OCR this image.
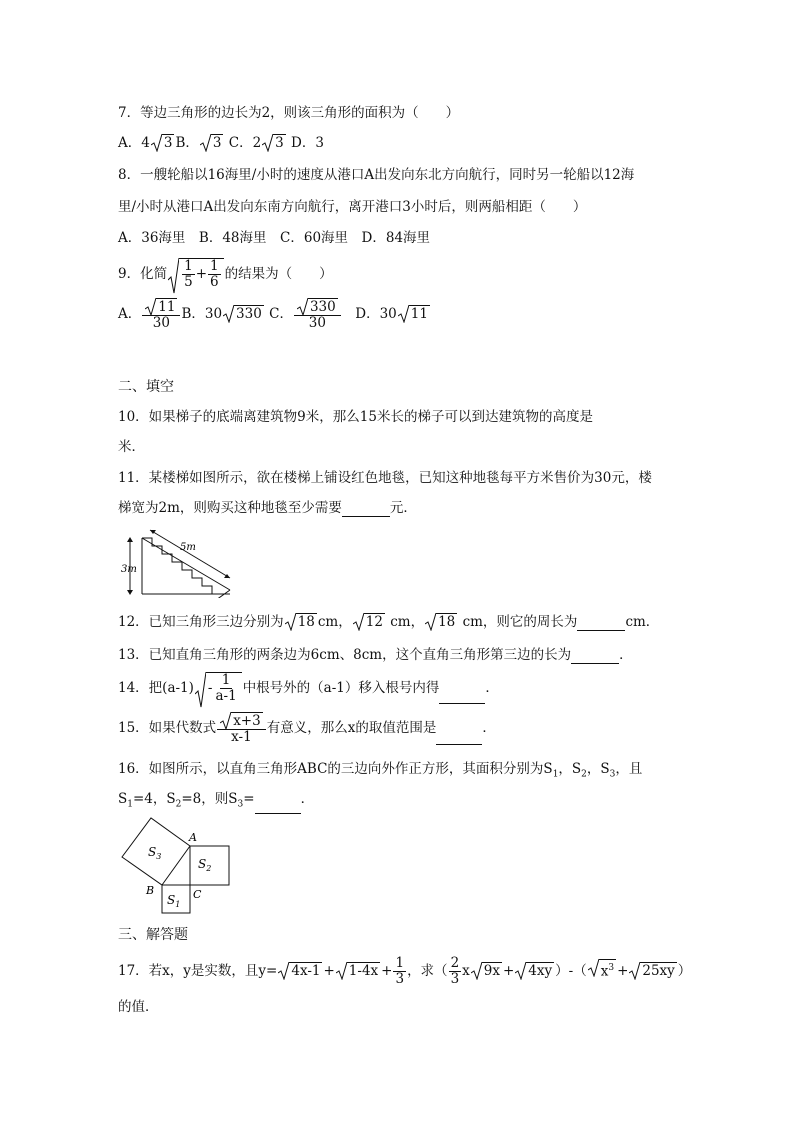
7．等边三角形的边长为2，则该三角形的面积为（　　）
A．4 3 B． 3 C．2 3 D．3
8．一艘轮船以16海里/小时的速度从港口A出发向东北方向航行，同时另一轮船以12海
里/小时从港口A出发向东南方向航行，离开港口3小时后，则两船相距（　　）
A．36海里　B．48海里　C．60海里　D．84海里
9．化简 $\frac{1}{5} + \frac{1}{6}$ 的结果为（　　）
A． $\frac{11}{30}$ B．30 330 C． $\frac{330}{30}$ 　D．30 11
二、填空
10．如果梯子的底端离建筑物9米，那么15米长的梯子可以到达建筑物的高度是
米．
11．某楼梯如图所示，欲在楼梯上铺设红色地毯，已知这种地毯每平方米售价为30元，楼
梯宽为2m，则购买这种地毯至少需要	元．
3m
5m
12．已知三角形三边分别为 18 cm， 12 cm， 18 cm，则它的周长为	cm．
13．已知直角三角形的两条边为6cm、8cm，这个直角三角形第三边的长为	．
14．把$(a-1) - \frac{1}{a-1}$ 中根号外的（a-1）移入根号内得	．
15．如果代数式 $\frac{x+3}{x-1}$ 有意义，那么x的取值范围是	．
16．如图所示，以直角三角形ABC的三边向外作正方形，其面积分别为$S_1$，$S_2$，$S_3$，且
$S_1=4$，$S_2=8$，则$S_3=$	．
$S_3$
$S_2$
$S_1$
A
B	C
三、解答题
17．若x，y是实数，且$y= 4x-1 + 1-4x + \frac{1}{3}$ ，求（ $\frac{2}{3}$ x 9x + 4xy ）-（ $x^3 + 25xy$ ）
的值．
